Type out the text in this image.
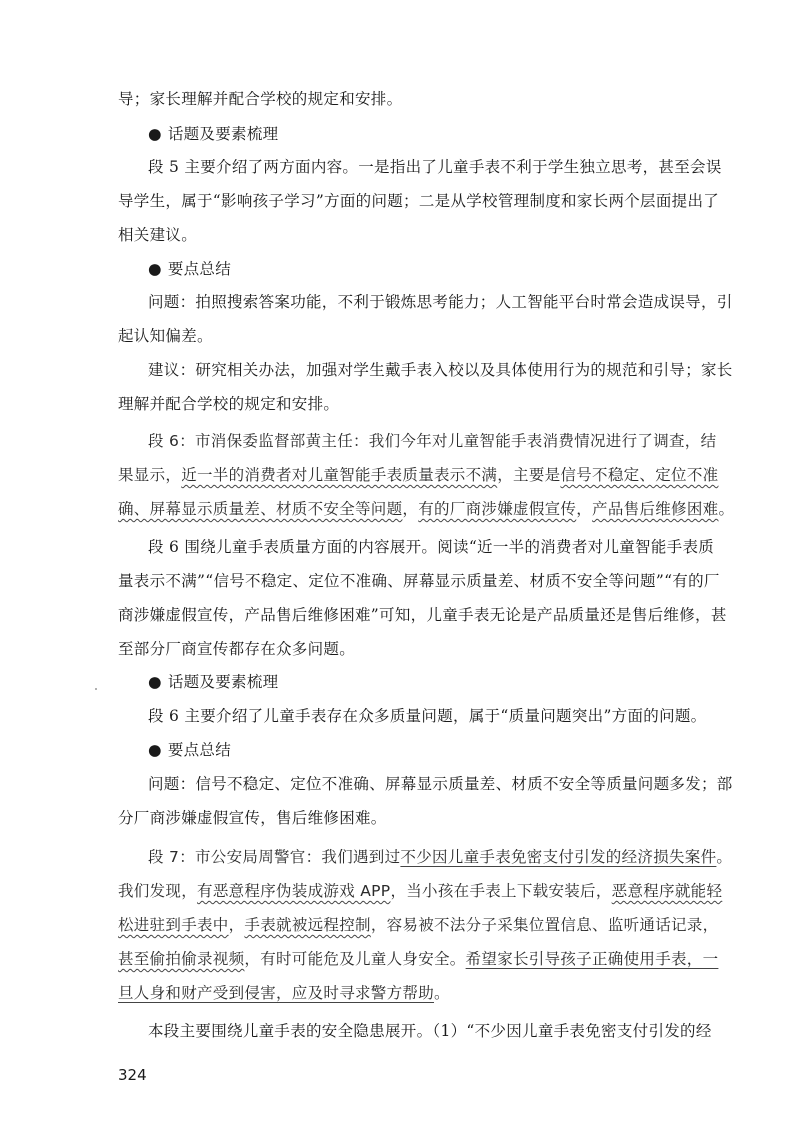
导；家长理解并配合学校的规定和安排。
● 话题及要素梳理
段 5 主要介绍了两方面内容。一是指出了儿童手表不利于学生独立思考，甚至会误
导学生，属于“影响孩子学习”方面的问题；二是从学校管理制度和家长两个层面提出了
相关建议。
● 要点总结
问题：拍照搜索答案功能，不利于锻炼思考能力；人工智能平台时常会造成误导，引
起认知偏差。
建议：研究相关办法，加强对学生戴手表入校以及具体使用行为的规范和引导；家长
理解并配合学校的规定和安排。
段 6：市消保委监督部黄主任：我们今年对儿童智能手表消费情况进行了调查，结
果显示，近一半的消费者对儿童智能手表质量表示不满，主要是信号不稳定、定位不准
确、屏幕显示质量差、材质不安全等问题，有的厂商涉嫌虚假宣传，产品售后维修困难。
段 6 围绕儿童手表质量方面的内容展开。阅读“近一半的消费者对儿童智能手表质
量表示不满”“信号不稳定、定位不准确、屏幕显示质量差、材质不安全等问题”“有的厂
商涉嫌虚假宣传，产品售后维修困难”可知，儿童手表无论是产品质量还是售后维修，甚
至部分厂商宣传都存在众多问题。
● 话题及要素梳理
段 6 主要介绍了儿童手表存在众多质量问题，属于“质量问题突出”方面的问题。
● 要点总结
问题：信号不稳定、定位不准确、屏幕显示质量差、材质不安全等质量问题多发；部
分厂商涉嫌虚假宣传，售后维修困难。
段 7：市公安局周警官：我们遇到过不少因儿童手表免密支付引发的经济损失案件。
我们发现，有恶意程序伪装成游戏 APP，当小孩在手表上下载安装后，恶意程序就能轻
松进驻到手表中，手表就被远程控制，容易被不法分子采集位置信息、监听通话记录，
甚至偷拍偷录视频，有时可能危及儿童人身安全。希望家长引导孩子正确使用手表，一
旦人身和财产受到侵害，应及时寻求警方帮助。
本段主要围绕儿童手表的安全隐患展开。（1）“不少因儿童手表免密支付引发的经
324
